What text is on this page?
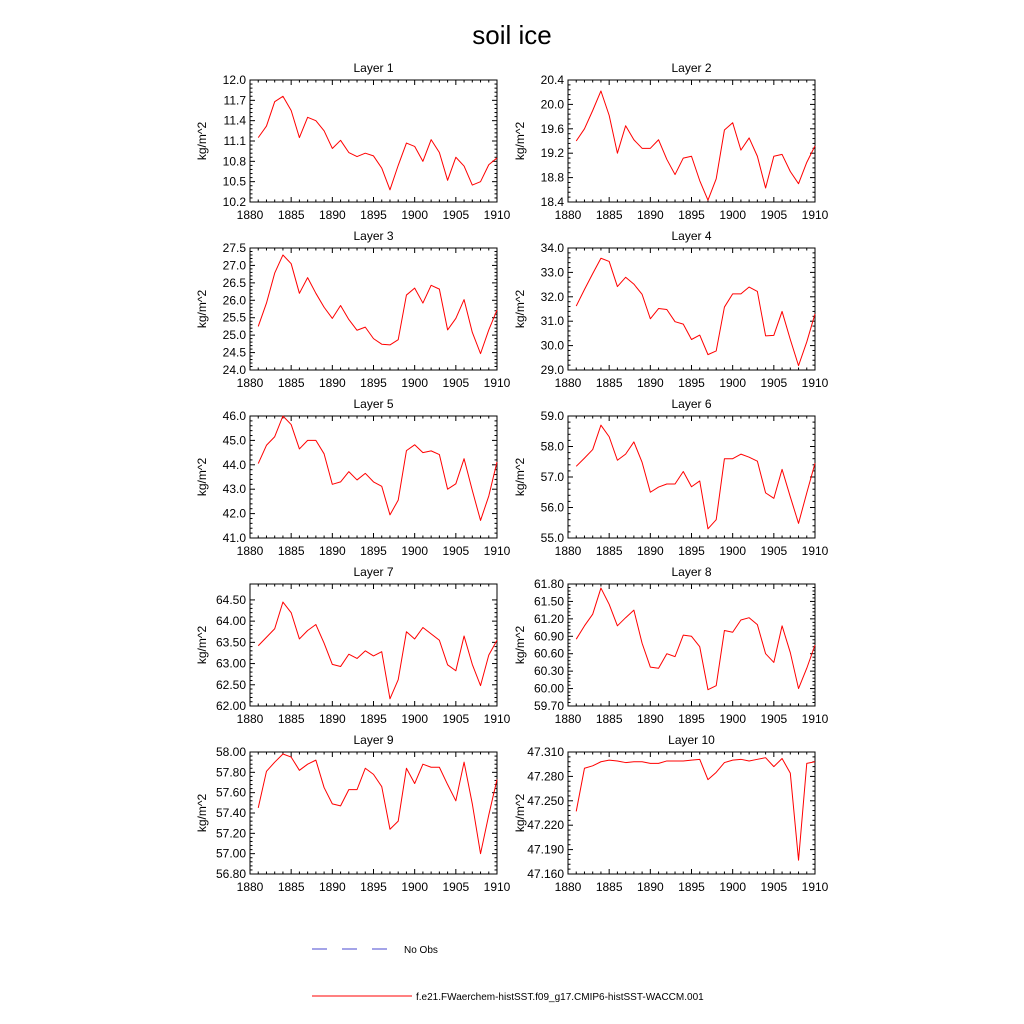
soil ice
Layer 1
1880 1885 1890 1895 1900 1905 1910
10.2
10.5
10.8
11.1
11.4
11.7
12.0
kg/m^2
Layer 2
1880 1885 1890 1895 1900 1905 1910
18.4
18.8
19.2
19.6
20.0
20.4
kg/m^2
Layer 3
1880 1885 1890 1895 1900 1905 1910
24.0
24.5
25.0
25.5
26.0
26.5
27.0
27.5
kg/m^2
Layer 4
1880 1885 1890 1895 1900 1905 1910
29.0
30.0
31.0
32.0
33.0
34.0
kg/m^2
Layer 5
1880 1885 1890 1895 1900 1905 1910
41.0
42.0
43.0
44.0
45.0
46.0
kg/m^2
Layer 6
1880 1885 1890 1895 1900 1905 1910
55.0
56.0
57.0
58.0
59.0
kg/m^2
Layer 7
1880 1885 1890 1895 1900 1905 1910
62.00
62.50
63.00
63.50
64.00
64.50
kg/m^2
Layer 8
1880 1885 1890 1895 1900 1905 1910
59.70
60.00
60.30
60.60
60.90
61.20
61.50
61.80
kg/m^2
Layer 9
1880 1885 1890 1895 1900 1905 1910
56.80
57.00
57.20
57.40
57.60
57.80
58.00
kg/m^2
Layer 10
1880 1885 1890 1895 1900 1905 1910
47.160
47.190
47.220
47.250
47.280
47.310
kg/m^2
No Obs
f.e21.FWaerchem-histSST.f09_g17.CMIP6-histSST-WACCM.001
